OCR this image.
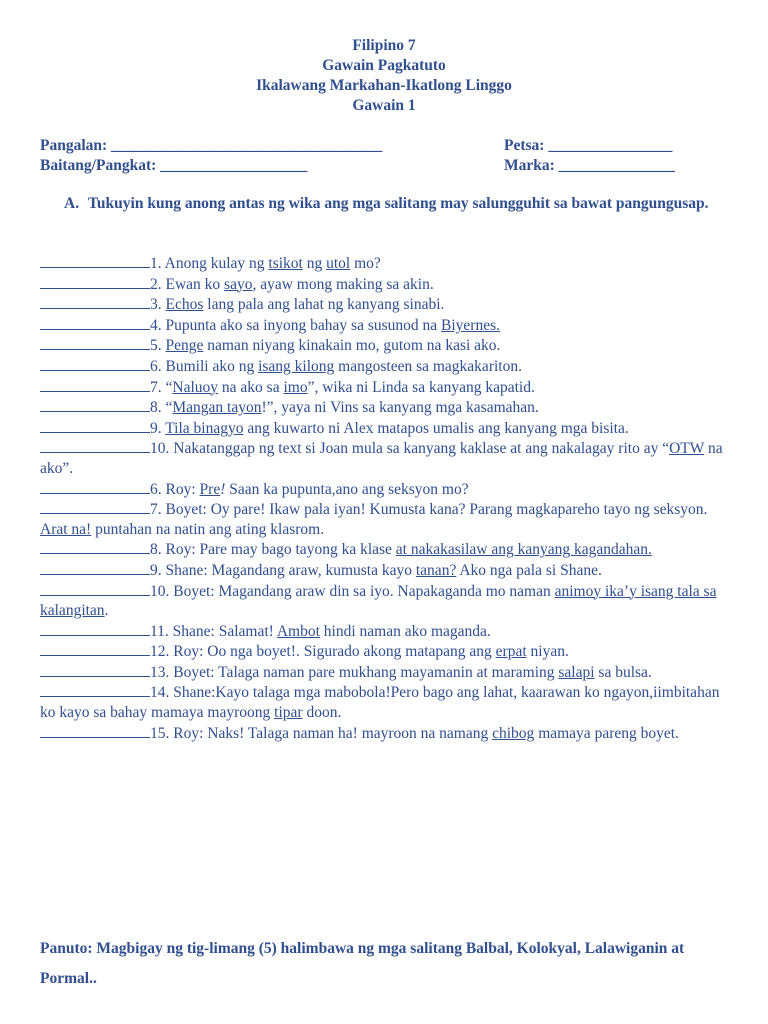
Filipino 7
Gawain Pagkatuto
Ikalawang Markahan-Ikatlong Linggo
Gawain 1
Pangalan: ___________________________________	Petsa: ________________
Baitang/Pangkat: ___________________	Marka: _______________
A. Tukuyin kung anong antas ng wika ang mga salitang may salungguhit sa bawat pangungusap.
1. Anong kulay ng tsikot ng utol mo?
2. Ewan ko sayo, ayaw mong making sa akin.
3. Echos lang pala ang lahat ng kanyang sinabi.
4. Pupunta ako sa inyong bahay sa susunod na Biyernes.
5. Penge naman niyang kinakain mo, gutom na kasi ako.
6. Bumili ako ng isang kilong mangosteen sa magkakariton.
7. “Naluoy na ako sa imo”, wika ni Linda sa kanyang kapatid.
8. “Mangan tayon!”, yaya ni Vins sa kanyang mga kasamahan.
9. Tila binagyo ang kuwarto ni Alex matapos umalis ang kanyang mga bisita.
10. Nakatanggap ng text si Joan mula sa kanyang kaklase at ang nakalagay rito ay “OTW na ako”.
6. Roy: Pre! Saan ka pupunta,ano ang seksyon mo?
7. Boyet: Oy pare! Ikaw pala iyan! Kumusta kana? Parang magkapareho tayo ng seksyon. Arat na! puntahan na natin ang ating klasrom.
8. Roy: Pare may bago tayong ka klase at nakakasilaw ang kanyang kagandahan.
9. Shane: Magandang araw, kumusta kayo tanan? Ako nga pala si Shane.
10. Boyet: Magandang araw din sa iyo. Napakaganda mo naman animoy ika’y isang tala sa kalangitan.
11. Shane: Salamat! Ambot hindi naman ako maganda.
12. Roy: Oo nga boyet!. Sigurado akong matapang ang erpat niyan.
13. Boyet: Talaga naman pare mukhang mayamanin at maraming salapi sa bulsa.
14. Shane:Kayo talaga mga mabobola!Pero bago ang lahat, kaarawan ko ngayon,iimbitahan ko kayo sa bahay mamaya mayroong tipar doon.
15. Roy: Naks! Talaga naman ha! mayroon na namang chibog mamaya pareng boyet.
Panuto: Magbigay ng tig-limang (5) halimbawa ng mga salitang Balbal, Kolokyal, Lalawiganin at Pormal..
